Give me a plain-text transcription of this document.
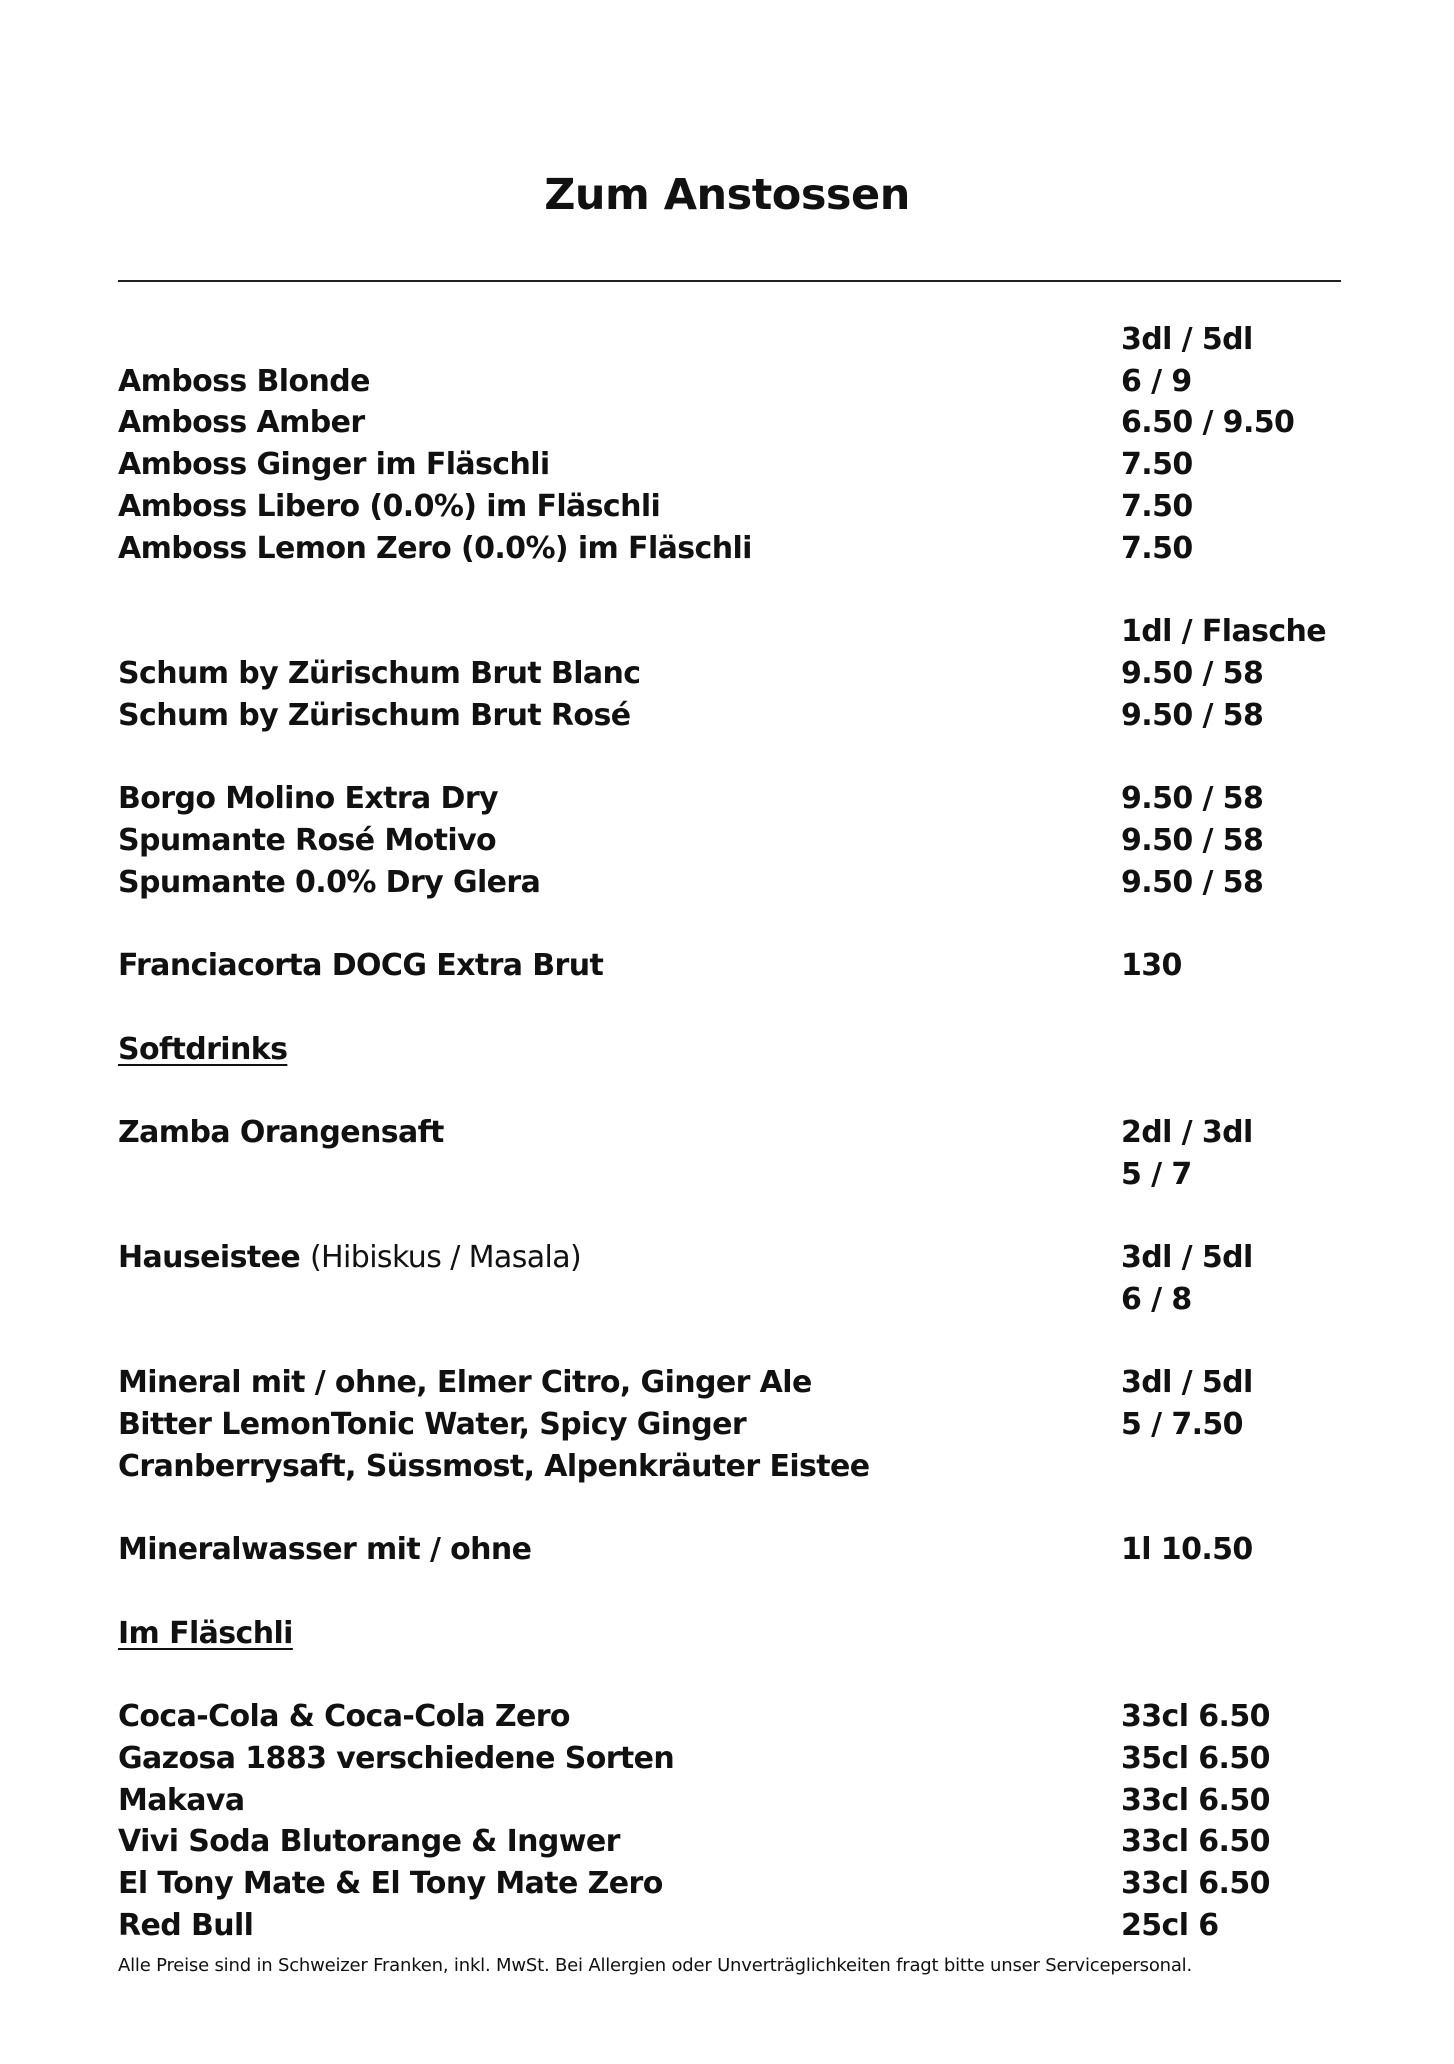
Zum Anstossen
3dl / 5dl
Amboss Blonde	6 / 9
Amboss Amber	6.50 / 9.50
Amboss Ginger im Fläschli	7.50
Amboss Libero (0.0%) im Fläschli	7.50
Amboss Lemon Zero (0.0%) im Fläschli	7.50
1dl / Flasche
Schum by Zürischum Brut Blanc	9.50 / 58
Schum by Zürischum Brut Rosé	9.50 / 58
Borgo Molino Extra Dry	9.50 / 58
Spumante Rosé Motivo	9.50 / 58
Spumante 0.0% Dry Glera	9.50 / 58
Franciacorta DOCG Extra Brut	130
Softdrinks
Zamba Orangensaft	2dl / 3dl
5 / 7
Hauseistee (Hibiskus / Masala)	3dl / 5dl
6 / 8
Mineral mit / ohne, Elmer Citro, Ginger Ale	3dl / 5dl
Bitter LemonTonic Water, Spicy Ginger	5 / 7.50
Cranberrysaft, Süssmost, Alpenkräuter Eistee
Mineralwasser mit / ohne	1l 10.50
Im Fläschli
Coca-Cola & Coca-Cola Zero	33cl 6.50
Gazosa 1883 verschiedene Sorten	35cl 6.50
Makava	33cl 6.50
Vivi Soda Blutorange & Ingwer	33cl 6.50
El Tony Mate & El Tony Mate Zero	33cl 6.50
Red Bull	25cl 6
Alle Preise sind in Schweizer Franken, inkl. MwSt. Bei Allergien oder Unverträglichkeiten fragt bitte unser Servicepersonal.
